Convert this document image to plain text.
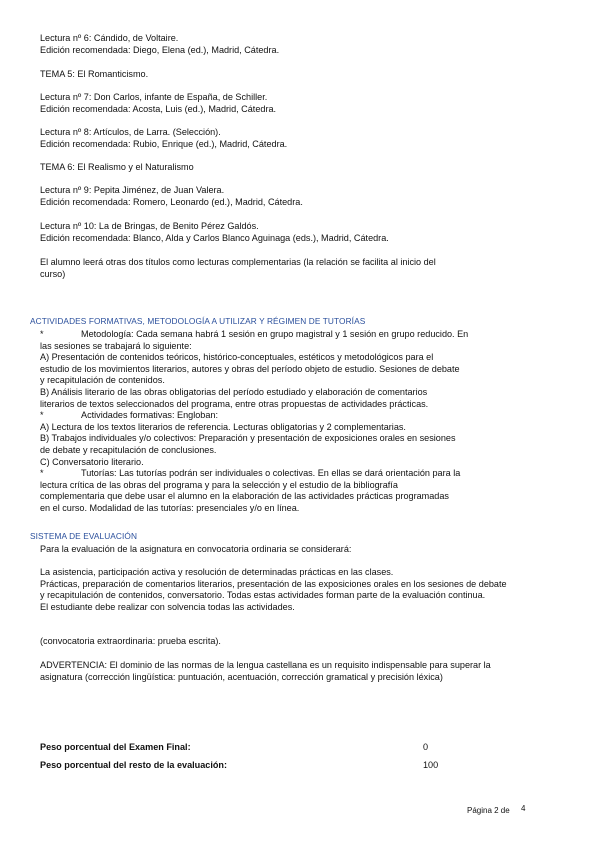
Lectura nº 6: Cándido, de Voltaire.
Edición recomendada: Diego, Elena (ed.), Madrid, Cátedra.
TEMA 5: El Romanticismo.
Lectura nº 7: Don Carlos, infante de España, de Schiller.
Edición recomendada: Acosta, Luis (ed.), Madrid, Cátedra.
Lectura nº 8: Artículos, de Larra. (Selección).
Edición recomendada: Rubio, Enrique (ed.), Madrid, Cátedra.
TEMA 6: El Realismo y el Naturalismo
Lectura nº 9: Pepita Jiménez, de Juan Valera.
Edición recomendada: Romero, Leonardo (ed.), Madrid, Cátedra.
Lectura nº 10: La de Bringas, de Benito Pérez Galdós.
Edición recomendada: Blanco, Alda y Carlos Blanco Aguinaga (eds.), Madrid, Cátedra.
El alumno leerá otras dos títulos como lecturas complementarias (la relación se facilita al inicio del
curso)
ACTIVIDADES FORMATIVAS, METODOLOGÍA A UTILIZAR Y RÉGIMEN DE TUTORÍAS
*	Metodología: Cada semana habrá 1 sesión en grupo magistral y 1 sesión en grupo reducido. En
las sesiones se trabajará lo siguiente:
A) Presentación de contenidos teóricos, histórico-conceptuales, estéticos y metodológicos para el
estudio de los movimientos literarios, autores y obras del período objeto de estudio. Sesiones de debate
y recapitulación de contenidos.
B) Análisis literario de las obras obligatorias del período estudiado y elaboración de comentarios
literarios de textos seleccionados del programa, entre otras propuestas de actividades prácticas.
*	Actividades formativas: Engloban:
A) Lectura de los textos literarios de referencia. Lecturas obligatorias y 2 complementarias.
B) Trabajos individuales y/o colectivos: Preparación y presentación de exposiciones orales en sesiones
de debate y recapitulación de conclusiones.
C) Conversatorio literario.
*	Tutorías: Las tutorías podrán ser individuales o colectivas. En ellas se dará orientación para la
lectura crítica de las obras del programa y para la selección y el estudio de la bibliografía
complementaria que debe usar el alumno en la elaboración de las actividades prácticas programadas
en el curso. Modalidad de las tutorías: presenciales y/o en línea.
SISTEMA DE EVALUACIÓN
Para la evaluación de la asignatura en convocatoria ordinaria se considerará:
La asistencia, participación activa y resolución de determinadas prácticas en las clases.
Prácticas, preparación de comentarios literarios, presentación de las exposiciones orales en los sesiones de debate
y recapitulación de contenidos, conversatorio. Todas estas actividades forman parte de la evaluación continua.
El estudiante debe realizar con solvencia todas las actividades.
(convocatoria extraordinaria: prueba escrita).
ADVERTENCIA: El dominio de las normas de la lengua castellana es un requisito indispensable para superar la
asignatura (corrección lingüística: puntuación, acentuación, corrección gramatical y precisión léxica)
Peso porcentual del Examen Final:	0
Peso porcentual del resto de la evaluación:	100
Página 2 de 4
